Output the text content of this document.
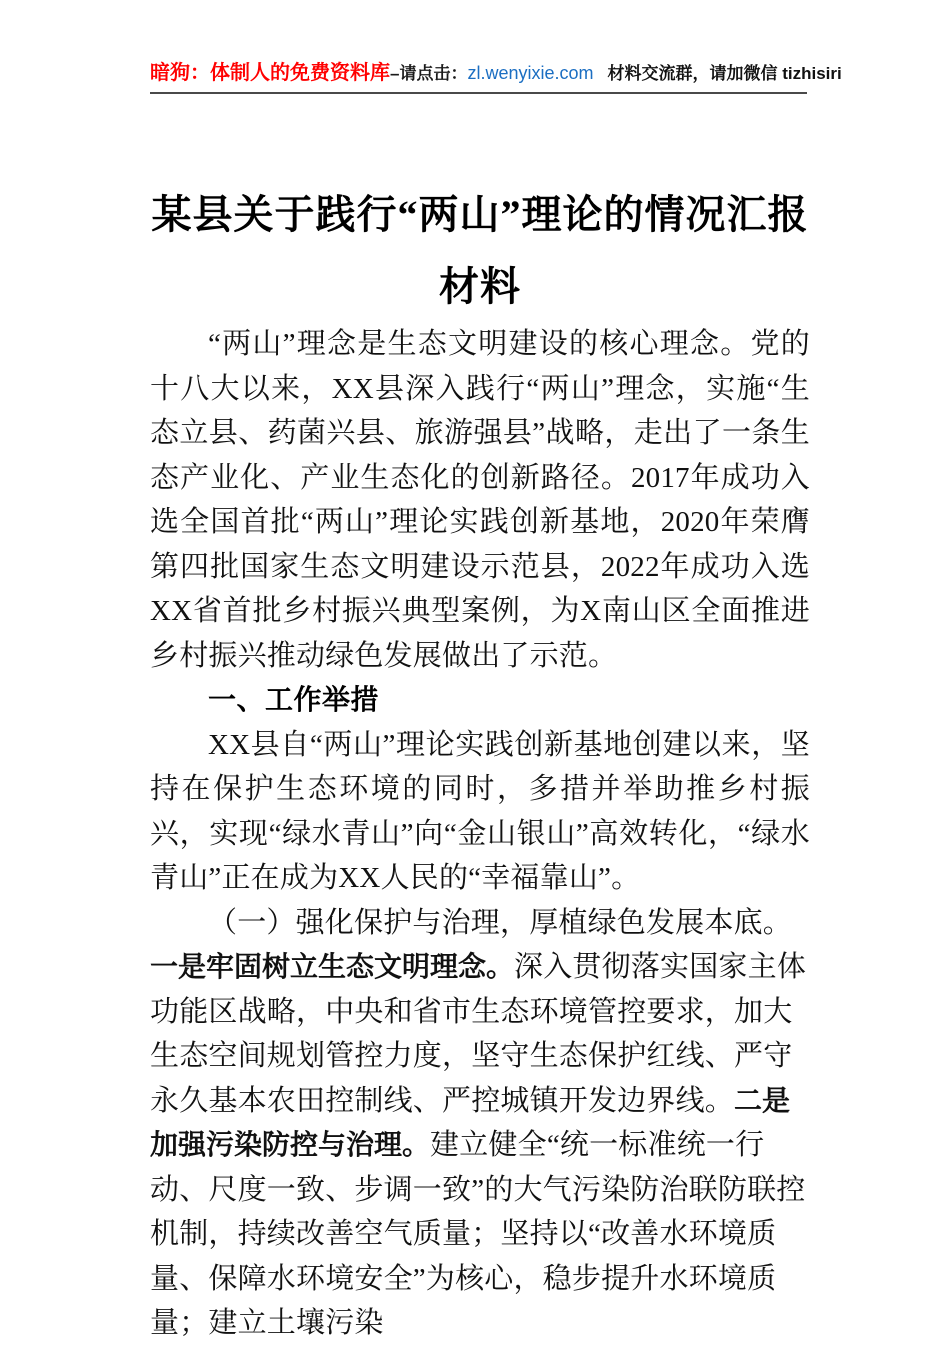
暗狗：体制人的免费资料库–请点击：zl.wenyixie.com 材料交流群，请加微信 tizhisiri
某县关于践行“两山”理论的情况汇报材料

“两山”理念是生态文明建设的核心理念。党的十八大以来，XX县深入践行“两山”理念，实施“生态立县、药菌兴县、旅游强县”战略，走出了一条生态产业化、产业生态化的创新路径。2017年成功入选全国首批“两山”理论实践创新基地，2020年荣膺第四批国家生态文明建设示范县，2022年成功入选XX省首批乡村振兴典型案例，为X南山区全面推进乡村振兴推动绿色发展做出了示范。

一、工作举措

XX县自“两山”理论实践创新基地创建以来，坚持在保护生态环境的同时，多措并举助推乡村振兴，实现“绿水青山”向“金山银山”高效转化，“绿水青山”正在成为XX人民的“幸福靠山”。

（一）强化保护与治理，厚植绿色发展本底。一是牢固树立生态文明理念。深入贯彻落实国家主体功能区战略，中央和省市生态环境管控要求，加大生态空间规划管控力度，坚守生态保护红线、严守永久基本农田控制线、严控城镇开发边界线。二是加强污染防控与治理。建立健全“统一标准统一行动、尺度一致、步调一致”的大气污染防治联防联控机制，持续改善空气质量；坚持以“改善水环境质量、保障水环境安全”为核心，稳步提升水环境质量；建立土壤污染
